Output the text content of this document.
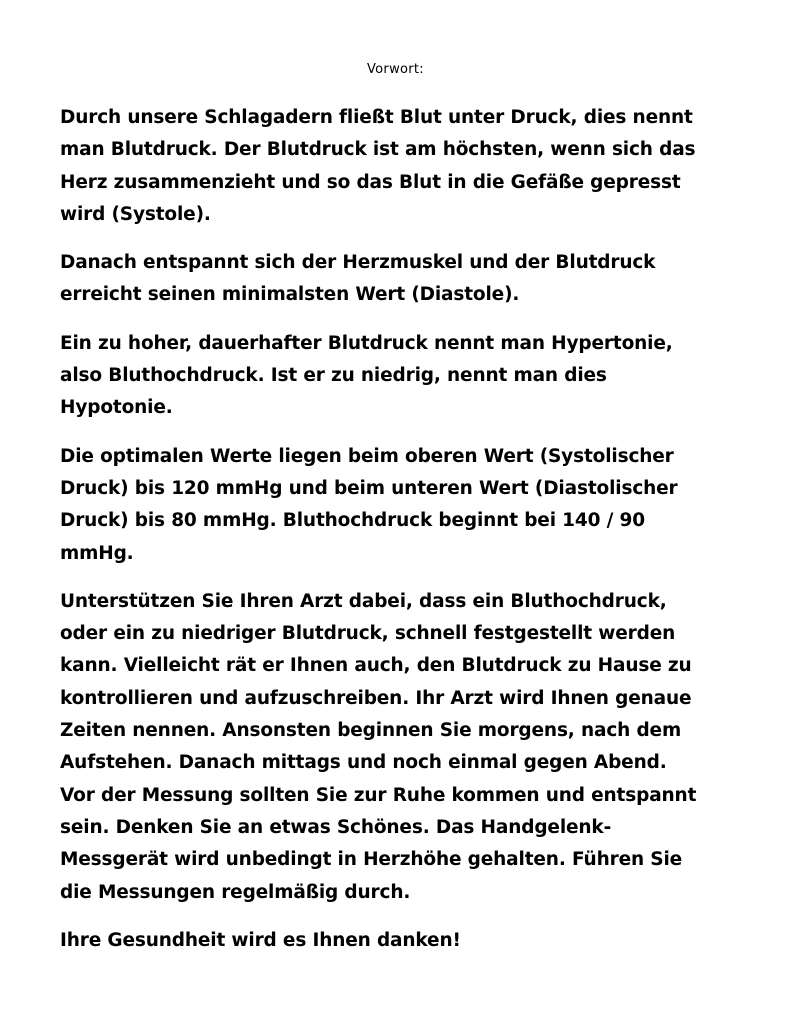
Vorwort:

Durch unsere Schlagadern fließt Blut unter Druck, dies nennt
man Blutdruck. Der Blutdruck ist am höchsten, wenn sich das
Herz zusammenzieht und so das Blut in die Gefäße gepresst
wird (Systole).

Danach entspannt sich der Herzmuskel und der Blutdruck
erreicht seinen minimalsten Wert (Diastole).

Ein zu hoher, dauerhafter Blutdruck nennt man Hypertonie,
also Bluthochdruck. Ist er zu niedrig, nennt man dies
Hypotonie.

Die optimalen Werte liegen beim oberen Wert (Systolischer
Druck) bis 120 mmHg und beim unteren Wert (Diastolischer
Druck) bis 80 mmHg. Bluthochdruck beginnt bei 140 / 90
mmHg.

Unterstützen Sie Ihren Arzt dabei, dass ein Bluthochdruck,
oder ein zu niedriger Blutdruck, schnell festgestellt werden
kann. Vielleicht rät er Ihnen auch, den Blutdruck zu Hause zu
kontrollieren und aufzuschreiben. Ihr Arzt wird Ihnen genaue
Zeiten nennen. Ansonsten beginnen Sie morgens, nach dem
Aufstehen. Danach mittags und noch einmal gegen Abend.
Vor der Messung sollten Sie zur Ruhe kommen und entspannt
sein. Denken Sie an etwas Schönes. Das Handgelenk-
Messgerät wird unbedingt in Herzhöhe gehalten. Führen Sie
die Messungen regelmäßig durch.

Ihre Gesundheit wird es Ihnen danken!
